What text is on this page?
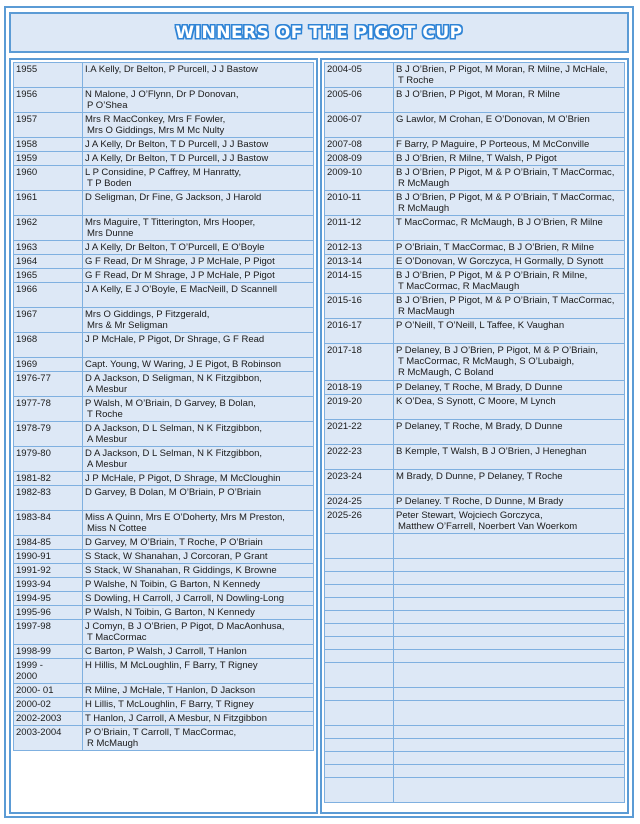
WINNERS OF THE PIGOT CUP
1955	I.A Kelly, Dr Belton, P Purcell, J J Bastow

1956	N Malone, J O’Flynn, Dr P Donovan,
P O’Shea

1957	Mrs R MacConkey, Mrs F Fowler,
Mrs O Giddings, Mrs M Mc Nulty

1958	J A Kelly, Dr Belton, T D Purcell, J J Bastow

1959	J A Kelly, Dr Belton, T D Purcell, J J Bastow

1960	L P Considine, P Caffrey, M Hanratty,
T P Boden

1961	D Seligman, Dr Fine, G Jackson, J Harold

1962	Mrs Maguire, T Titterington, Mrs Hooper,
Mrs Dunne

1963	J A Kelly, Dr Belton, T O’Purcell, E O’Boyle

1964	G F Read, Dr M Shrage, J P McHale, P Pigot

1965	G F Read, Dr M Shrage, J P McHale, P Pigot

1966	J A Kelly, E J O’Boyle, E MacNeill, D Scannell

1967	Mrs O Giddings, P Fitzgerald,
Mrs & Mr Seligman

1968	J P McHale, P Pigot, Dr Shrage, G F Read

1969	Capt. Young, W Waring, J E Pigot, B Robinson

1976-77	D A Jackson, D Seligman, N K Fitzgibbon,
A Mesbur

1977-78	P Walsh, M O’Briain, D Garvey, B Dolan,
T Roche

1978-79	D A Jackson, D L Selman, N K Fitzgibbon,
A Mesbur

1979-80	D A Jackson, D L Selman, N K Fitzgibbon,
A Mesbur

1981-82	J P McHale, P Pigot, D Shrage, M McCloughin

1982-83	D Garvey, B Dolan, M O’Briain, P O’Briain

1983-84	Miss A Quinn, Mrs E O’Doherty, Mrs M Preston,
Miss N Cottee

1984-85	D Garvey, M O’Briain, T Roche, P O’Briain

1990-91	S Stack, W Shanahan, J Corcoran, P Grant

1991-92	S Stack, W Shanahan, R Giddings, K Browne

1993-94	P Walshe, N Toibin, G Barton, N Kennedy

1994-95	S Dowling, H Carroll, J Carroll, N Dowling-Long

1995-96	P Walsh, N Toibin, G Barton, N Kennedy

1997-98	J Comyn, B J O’Brien, P Pigot, D MacAonhusa,
T MacCormac

1998-99	C Barton, P Walsh, J Carroll, T Hanlon

1999 -
2000	H Hillis, M McLoughlin, F Barry, T Rigney

2000- 01	R Milne, J McHale, T Hanlon, D Jackson

2000-02	H Lillis, T McLoughlin, F Barry, T Rigney

2002-2003	T Hanlon, J Carroll, A Mesbur, N Fitzgibbon

2003-2004	P O’Briain, T Carroll, T MacCormac,
R McMaugh
2004-05	B J O’Brien, P Pigot, M Moran, R Milne, J McHale,
T Roche

2005-06	B J O’Brien, P Pigot, M Moran, R Milne

2006-07	G Lawlor, M Crohan, E O’Donovan, M O’Brien

2007-08	F Barry, P Maguire, P Porteous, M McConville

2008-09	B J O’Brien, R Milne, T Walsh, P Pigot

2009-10	B J O’Brien, P Pigot, M & P O’Briain, T MacCormac,
R McMaugh

2010-11	B J O’Brien, P Pigot, M & P O’Briain, T MacCormac,
R McMaugh

2011-12	T MacCormac, R McMaugh, B J O’Brien, R Milne

2012-13	P O’Briain, T MacCormac, B J O’Brien, R Milne

2013-14	E O’Donovan, W Gorczyca, H Gormally, D Synott

2014-15	B J O’Brien, P Pigot, M & P O’Briain, R Milne,
T MacCormac, R MacMaugh

2015-16	B J O’Brien, P Pigot, M & P O’Briain, T MacCormac,
R MacMaugh

2016-17	P O’Neill, T O’Neill, L Taffee, K Vaughan

2017-18	P Delaney, B J O’Brien, P Pigot, M & P O’Briain,
T MacCormac, R McMaugh, S O’Lubaigh,
R McMaugh, C Boland

2018-19	P Delaney, T Roche, M Brady, D Dunne

2019-20	K O’Dea, S Synott, C Moore, M Lynch

2021-22	P Delaney, T Roche, M Brady, D Dunne

2022-23	B Kemple, T Walsh, B J O’Brien, J Heneghan

2023-24	M Brady, D Dunne, P Delaney, T Roche

2024-25	P Delaney. T Roche, D Dunne, M Brady

2025-26	Peter Stewart, Wojciech Gorczyca,
Matthew O’Farrell, Noerbert Van Woerkom
